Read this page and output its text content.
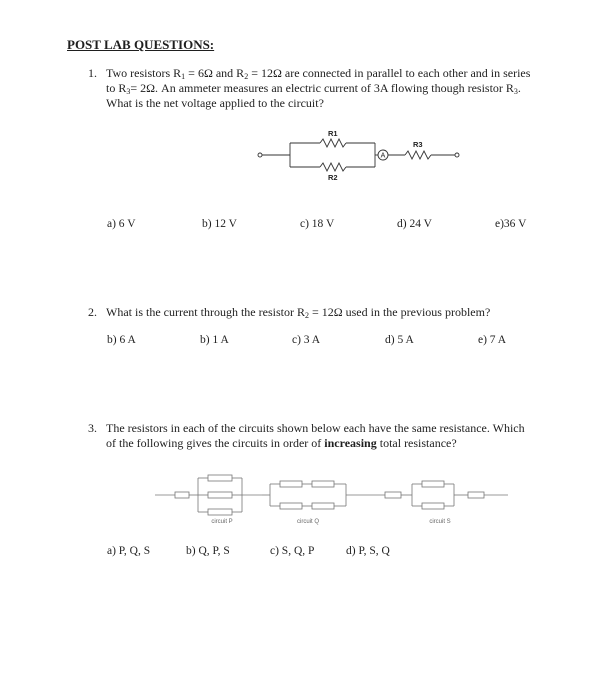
POST LAB QUESTIONS:
1. Two resistors $R_1 = 6\Omega$ and $R_2 = 12\Omega$ are connected in parallel to each other and in series
to $R_3= 2\Omega$. An ammeter measures an electric current of 3A flowing though resistor $R_3$.
What is the net voltage applied to the circuit?
R1
R2
R3
A
a) 6 V	b) 12 V	c) 18 V	d) 24 V	e)36 V
2. What is the current through the resistor $R_2 = 12\Omega$ used in the previous problem?
b) 6 A	b) 1 A	c) 3 A	d) 5 A	e) 7 A
3. The resistors in each of the circuits shown below each have the same resistance. Which
of the following gives the circuits in order of increasing total resistance?
circuit P	circuit Q	circuit S
a) P, Q, S	b) Q, P, S	c) S, Q, P	d) P, S, Q
